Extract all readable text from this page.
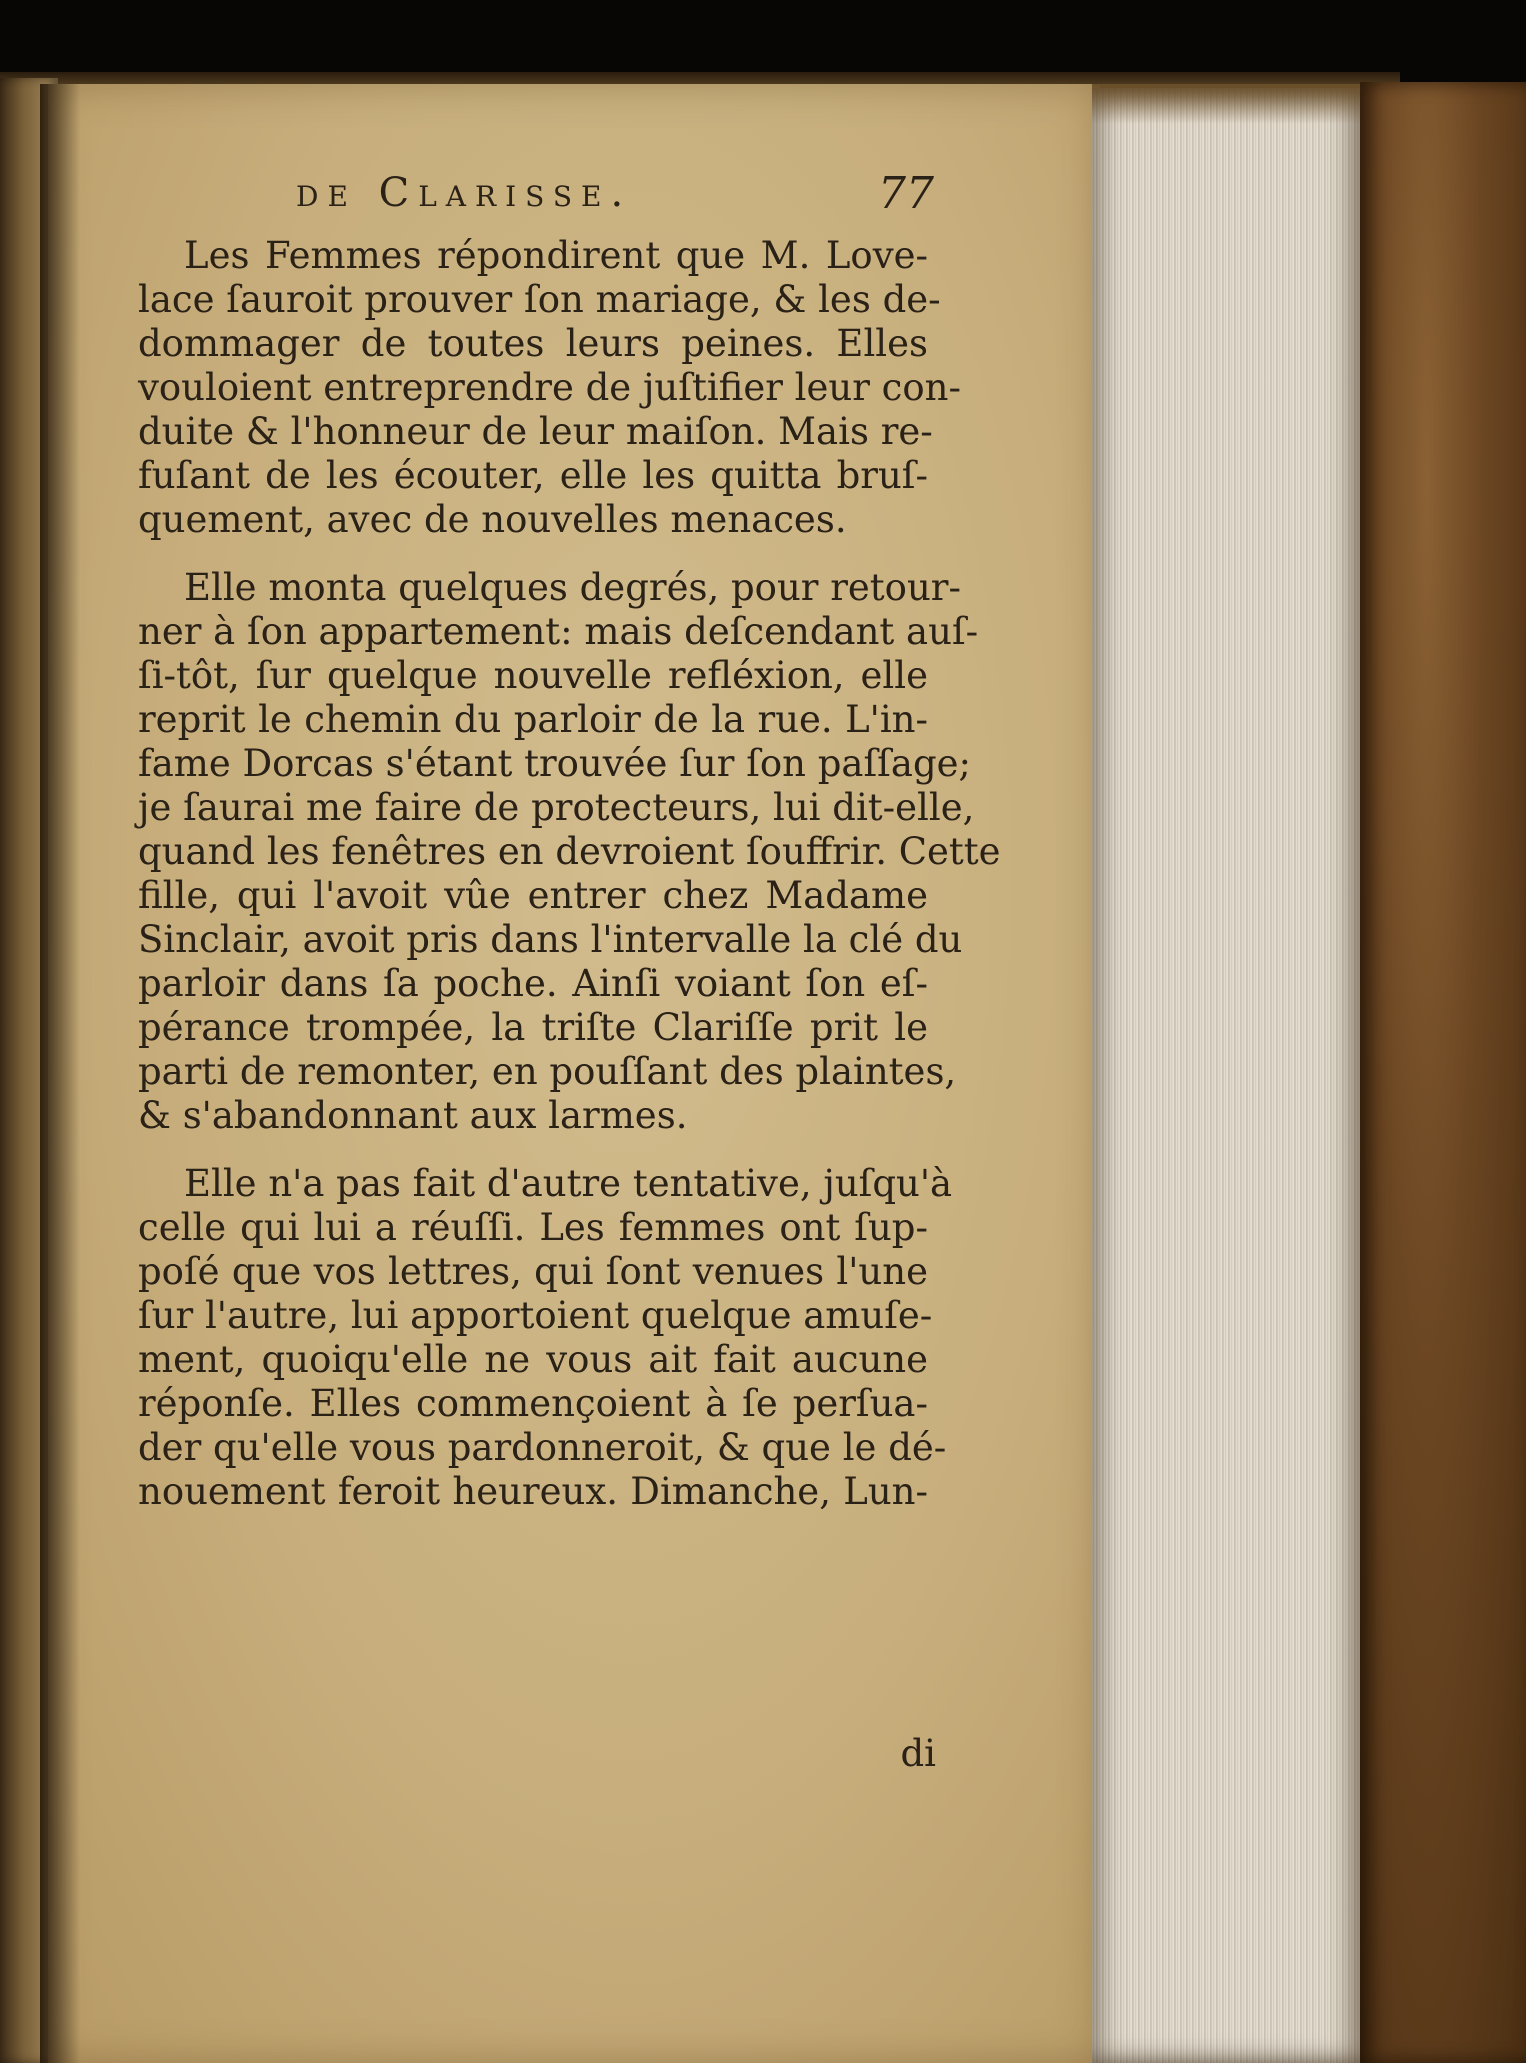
de Clarisse.	77
Les Femmes répondirent que M. Love-
lace ſauroit prouver ſon mariage, & les de-
dommager de toutes leurs peines. Elles
vouloient entreprendre de juſtifier leur con-
duite & l'honneur de leur maiſon. Mais re-
fuſant de les écouter, elle les quitta bruſ-
quement, avec de nouvelles menaces.
Elle monta quelques degrés, pour retour-
ner à ſon appartement: mais deſcendant auſ-
ſi-tôt, ſur quelque nouvelle refléxion, elle
reprit le chemin du parloir de la rue. L'in-
fame Dorcas s'étant trouvée ſur ſon paſſage;
je ſaurai me faire de protecteurs, lui dit-elle,
quand les fenêtres en devroient ſouffrir. Cette
fille, qui l'avoit vûe entrer chez Madame
Sinclair, avoit pris dans l'intervalle la clé du
parloir dans ſa poche. Ainſi voiant ſon eſ-
pérance trompée, la triſte Clariſſe prit le
parti de remonter, en pouſſant des plaintes,
& s'abandonnant aux larmes.
Elle n'a pas fait d'autre tentative, juſqu'à
celle qui lui a réuſſi. Les femmes ont ſup-
poſé que vos lettres, qui ſont venues l'une
ſur l'autre, lui apportoient quelque amuſe-
ment, quoiqu'elle ne vous ait fait aucune
réponſe. Elles commençoient à ſe perſua-
der qu'elle vous pardonneroit, & que le dé-
nouement feroit heureux. Dimanche, Lun-
di
